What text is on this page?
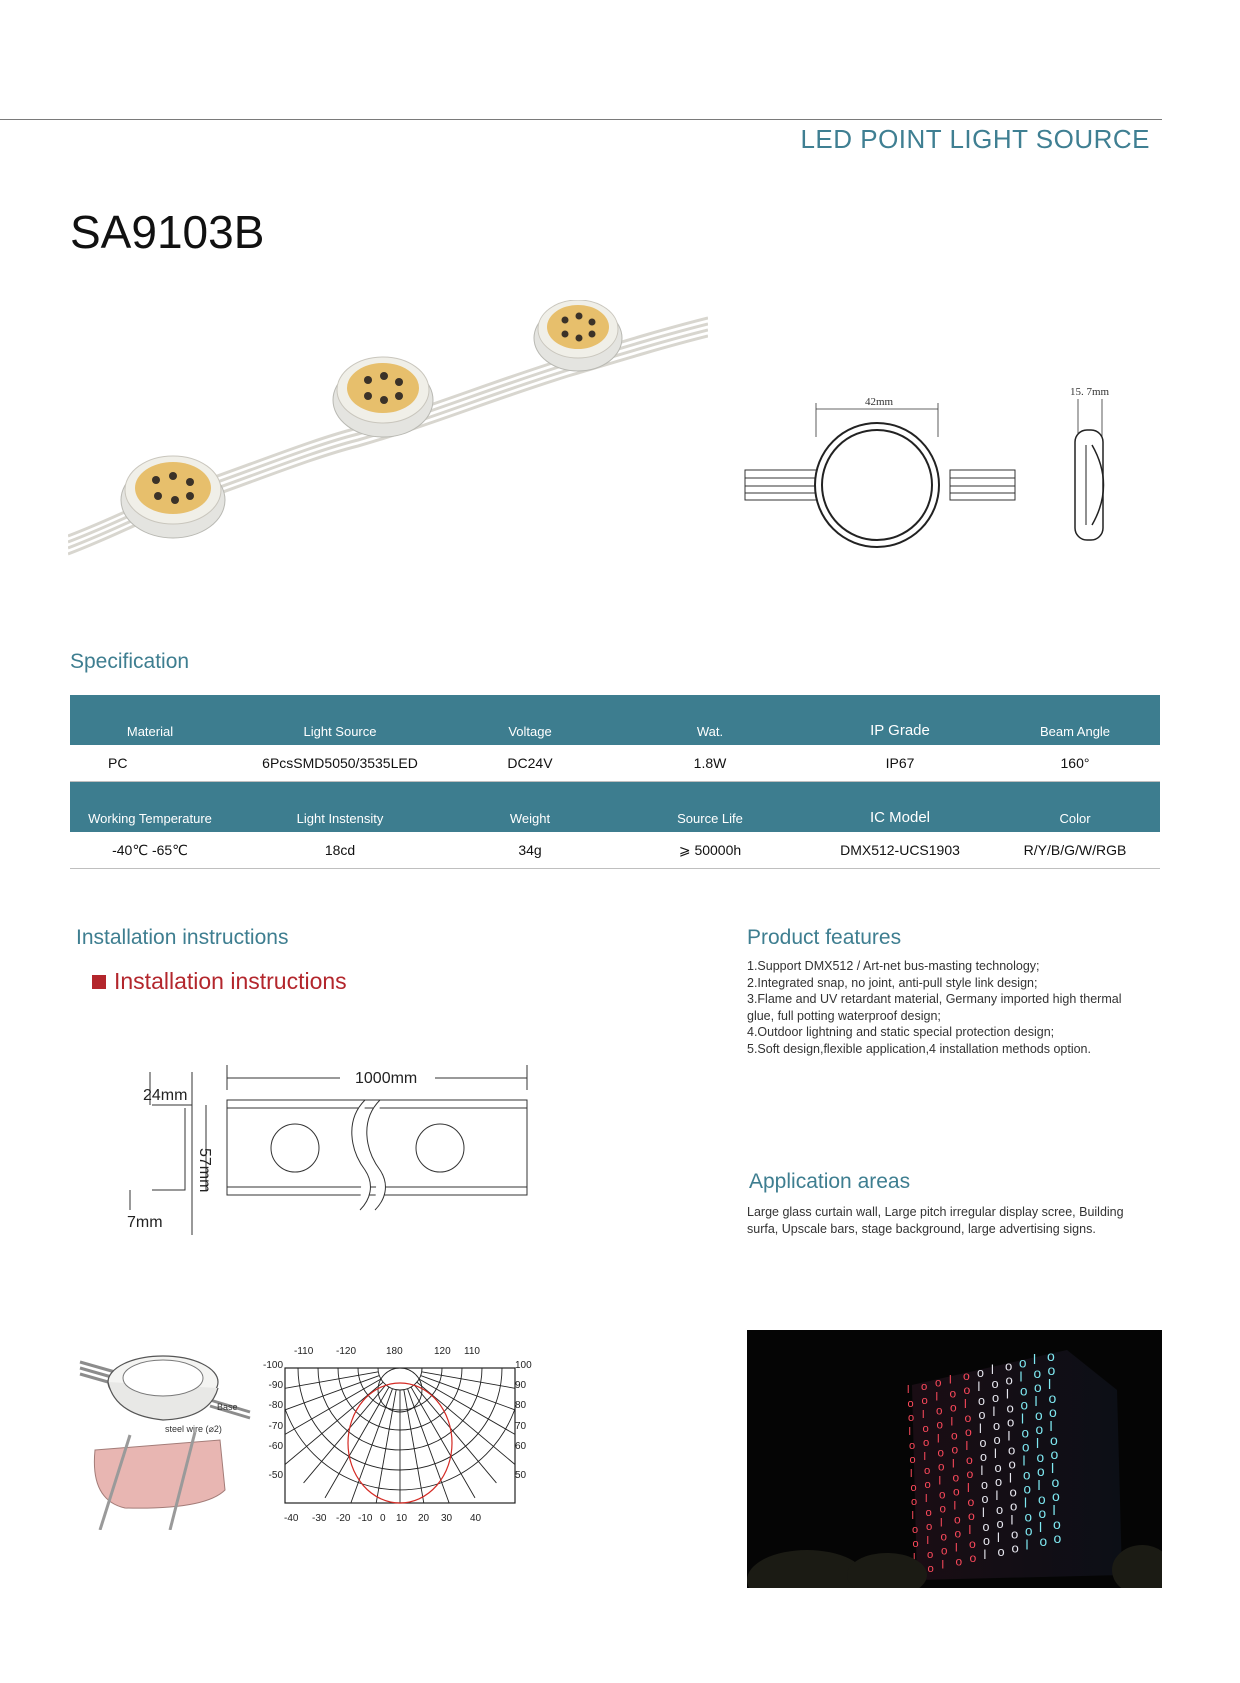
LED POINT LIGHT SOURCE
SA9103B
42mm
15. 7mm
Specification
Material	Light Source	Voltage	Wat.	IP Grade	Beam Angle
PC	6PcsSMD5050/3535LED	DC24V	1.8W	IP67	160°
Working Temperature	Light Instensity	Weight	Source Life	IC Model	Color
-40℃ -65℃	18cd	34g	⩾ 50000h	DMX512-UCS1903	R/Y/B/G/W/RGB
Installation instructions
Installation instructions
1000mm
24mm
57mm
7mm
Base
steel wire (⌀2)
-110 -120	180	120 110
-100
-90
-80
-70
-60
-50
100
90
80
70
60
50
-40 -30 -20 -10 0 10 20 30 40
Product features
1.Support DMX512 / Art-net bus-masting technology;
2.Integrated snap, no joint, anti-pull style link design;
3.Flame and UV retardant material, Germany imported high thermal
glue, full potting waterproof design;
4.Outdoor lightning and static special protection design;
5.Soft design,flexible application,4 installation methods option.
Application areas
Large glass curtain wall, Large pitch irregular display scree, Building
surfa, Upscale bars, stage background, large advertising signs.
l
o
o
l
o
o
l
o
o
l
o
o
l
o
o
l
o
o
l
o
o
l
o
o
l
o
o
o
l
o
o
l
o
o
l
o
o
l
o
o
l
l
o
o
l
o
o
l
o
o
l
o
o
l
o
o
o
l
o
o
l
o
o
l
o
o
l
o
o
o
l
o
o
l
o
o
l
o
o
l
o
o
l
l
o
o
l
o
o
l
o
o
l
o
o
l
o
o
o
l
o
o
l
o
o
l
o
o
l
o
o
o
l
o
o
l
o
o
l
o
o
l
o
o
l
l
o
o
l
o
o
l
o
o
l
o
o
l
o
o
o
l
o
o
l
o
o
l
o
o
l
o
o
